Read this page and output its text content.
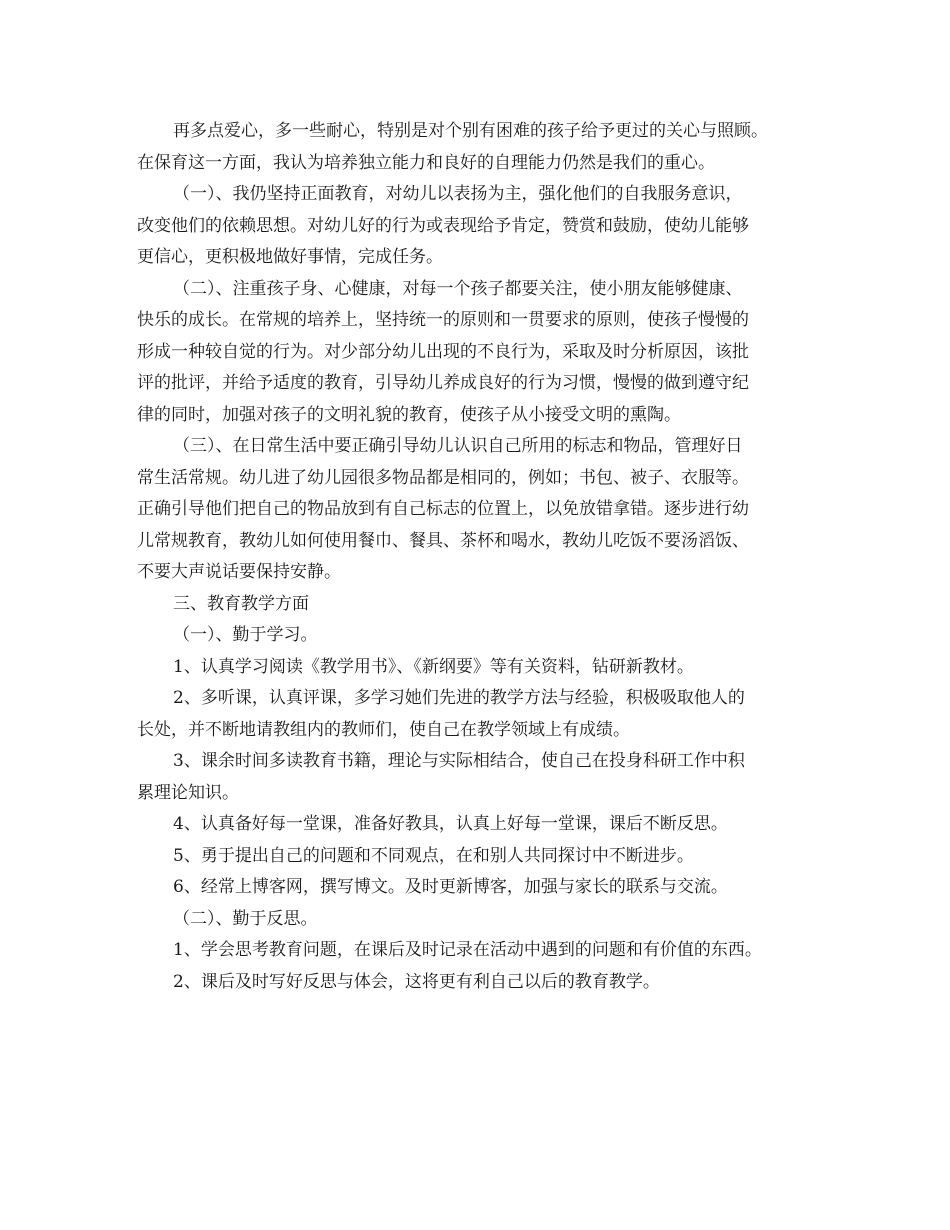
再多点爱心，多一些耐心，特别是对个别有困难的孩子给予更过的关心与照顾。
在保育这一方面，我认为培养独立能力和良好的自理能力仍然是我们的重心。
（一）、我仍坚持正面教育，对幼儿以表扬为主，强化他们的自我服务意识，
改变他们的依赖思想。对幼儿好的行为或表现给予肯定，赞赏和鼓励，使幼儿能够
更信心，更积极地做好事情，完成任务。
（二）、注重孩子身、心健康，对每一个孩子都要关注，使小朋友能够健康、
快乐的成长。在常规的培养上，坚持统一的原则和一贯要求的原则，使孩子慢慢的
形成一种较自觉的行为。对少部分幼儿出现的不良行为，采取及时分析原因，该批
评的批评，并给予适度的教育，引导幼儿养成良好的行为习惯，慢慢的做到遵守纪
律的同时，加强对孩子的文明礼貌的教育，使孩子从小接受文明的熏陶。
（三）、在日常生活中要正确引导幼儿认识自己所用的标志和物品，管理好日
常生活常规。幼儿进了幼儿园很多物品都是相同的，例如；书包、被子、衣服等。
正确引导他们把自己的物品放到有自己标志的位置上，以免放错拿错。逐步进行幼
儿常规教育，教幼儿如何使用餐巾、餐具、茶杯和喝水，教幼儿吃饭不要汤滔饭、
不要大声说话要保持安静。
三、教育教学方面
（一）、勤于学习。
1、认真学习阅读《教学用书》、《新纲要》等有关资料，钻研新教材。
2、多听课，认真评课，多学习她们先进的教学方法与经验，积极吸取他人的
长处，并不断地请教组内的教师们，使自己在教学领域上有成绩。
3、课余时间多读教育书籍，理论与实际相结合，使自己在投身科研工作中积
累理论知识。
4、认真备好每一堂课，准备好教具，认真上好每一堂课，课后不断反思。
5、勇于提出自己的问题和不同观点，在和别人共同探讨中不断进步。
6、经常上博客网，撰写博文。及时更新博客，加强与家长的联系与交流。
（二）、勤于反思。
1、学会思考教育问题，在课后及时记录在活动中遇到的问题和有价值的东西。
2、课后及时写好反思与体会，这将更有利自己以后的教育教学。
